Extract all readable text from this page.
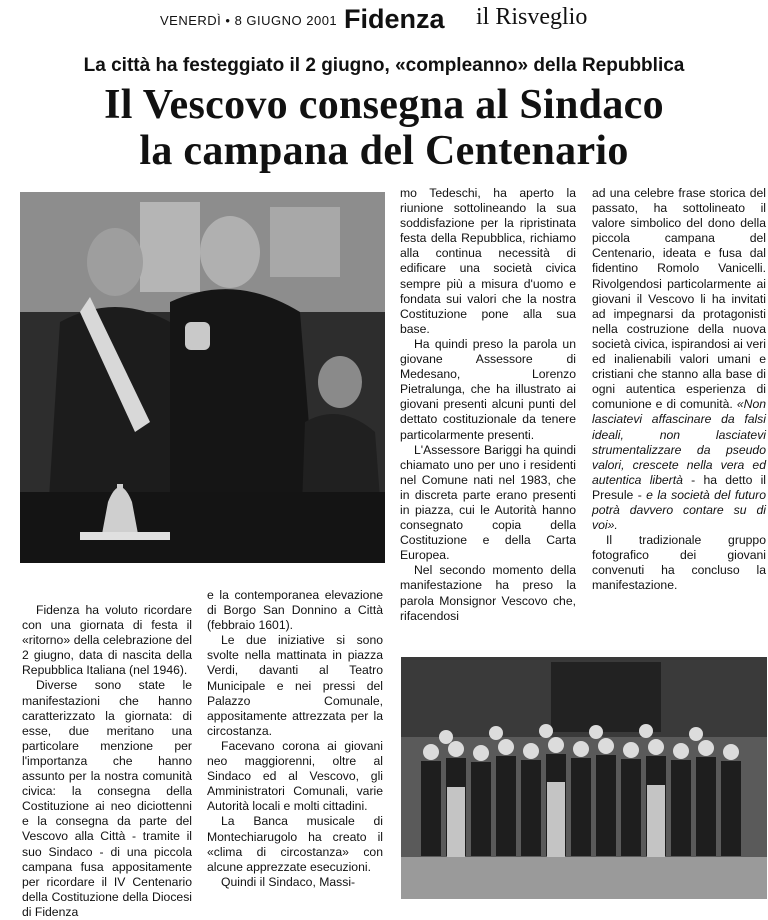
VENERDÌ • 8 GIUGNO 2001 Fidenza il Risveglio
La città ha festeggiato il 2 giugno, «compleanno» della Repubblica
Il Vescovo consegna al Sindaco
la campana del Centenario

Fidenza ha voluto ricordare con una giornata di festa il «ritorno» della celebrazione del 2 giugno, data di nascita della Repubblica Italiana (nel 1946).

Diverse sono state le manifestazioni che hanno caratterizzato la giornata: di esse, due meritano una particolare menzione per l'importanza che hanno assunto per la nostra comunità civica: la consegna della Costituzione ai neo diciottenni e la consegna da parte del Vescovo alla Città - tramite il suo Sindaco - di una piccola campana fusa appositamente per ricordare il IV Centenario della Costituzione della Diocesi di Fidenza

e la contemporanea elevazione di Borgo San Donnino a Città (febbraio 1601).

Le due iniziative si sono svolte nella mattinata in piazza Verdi, davanti al Teatro Municipale e nei pressi del Palazzo Comunale, appositamente attrezzata per la circostanza.

Facevano corona ai giovani neo maggiorenni, oltre al Sindaco ed al Vescovo, gli Amministratori Comunali, varie Autorità locali e molti cittadini.

La Banca musicale di Montechiarugolo ha creato il «clima di circostanza» con alcune apprezzate esecuzioni.

Quindi il Sindaco, Massi-

mo Tedeschi, ha aperto la riunione sottolineando la sua soddisfazione per la ripristinata festa della Repubblica, richiamo alla continua necessità di edificare una società civica sempre più a misura d'uomo e fondata sui valori che la nostra Costituzione pone alla sua base.

Ha quindi preso la parola un giovane Assessore di Medesano, Lorenzo Pietralunga, che ha illustrato ai giovani presenti alcuni punti del dettato costituzionale da tenere particolarmente presenti.

L'Assessore Bariggi ha quindi chiamato uno per uno i residenti nel Comune nati nel 1983, che in discreta parte erano presenti in piazza, cui le Autorità hanno consegnato copia della Costituzione e della Carta Europea.

Nel secondo momento della manifestazione ha preso la parola Monsignor Vescovo che, rifacendosi

ad una celebre frase storica del passato, ha sottolineato il valore simbolico del dono della piccola campana del Centenario, ideata e fusa dal fidentino Romolo Vanicelli. Rivolgendosi particolarmente ai giovani il Vescovo li ha invitati ad impegnarsi da protagonisti nella costruzione della nuova società civica, ispirandosi ai veri ed inalienabili valori umani e cristiani che stanno alla base di ogni autentica esperienza di comunione e di comunità. «Non lasciatevi affascinare da falsi ideali, non lasciatevi strumentalizzare da pseudo valori, crescete nella vera ed autentica libertà - ha detto il Presule - e la società del futuro potrà davvero contare su di voi».

Il tradizionale gruppo fotografico dei giovani convenuti ha concluso la manifestazione.
